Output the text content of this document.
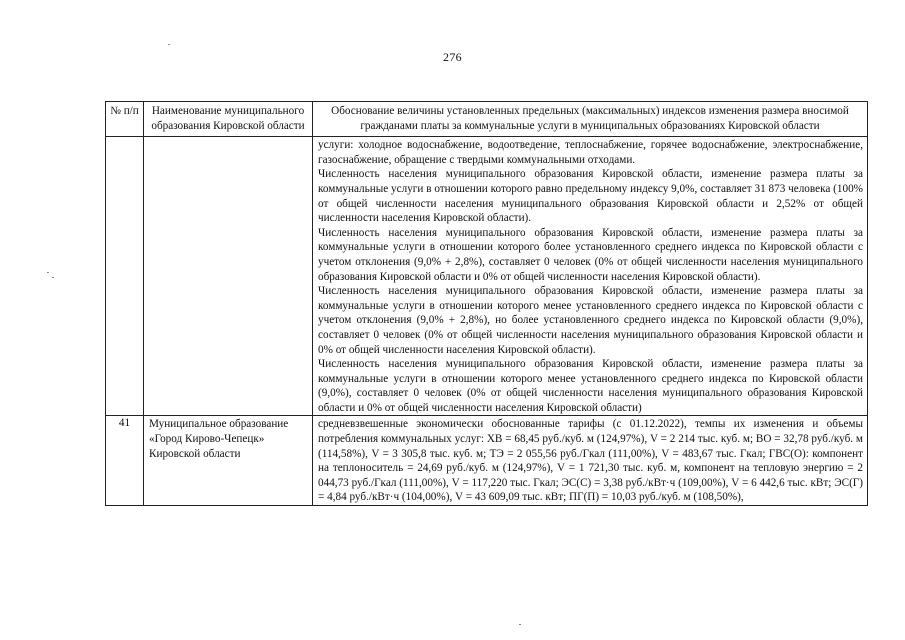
276
№ п/п	Наименование муниципального образования Кировской области	Обоснование величины установленных предельных (максимальных) индексов изменения размера вносимой гражданами платы за коммунальные услуги в муниципальных образованиях Кировской области

		услуги: холодное водоснабжение, водоотведение, теплоснабжение, горячее водоснабжение, электроснабжение, газоснабжение, обращение с твердыми коммунальными отходами.

Численность населения муниципального образования Кировской области, изменение размера платы за коммунальные услуги в отношении которого равно предельному индексу 9,0%, составляет 31 873 человека (100% от общей численности населения муниципального образования Кировской области и 2,52% от общей численности населения Кировской области).

Численность населения муниципального образования Кировской области, изменение размера платы за коммунальные услуги в отношении которого более установленного среднего индекса по Кировской области с учетом отклонения (9,0% + 2,8%), составляет 0 человек (0% от общей численности населения муниципального образования Кировской области и 0% от общей численности населения Кировской области).

Численность населения муниципального образования Кировской области, изменение размера платы за коммунальные услуги в отношении которого менее установленного среднего индекса по Кировской области с учетом отклонения (9,0% + 2,8%), но более установленного среднего индекса по Кировской области (9,0%), составляет 0 человек (0% от общей численности населения муниципального образования Кировской области и 0% от общей численности населения Кировской области).

Численность населения муниципального образования Кировской области, изменение размера платы за коммунальные услуги в отношении которого менее установленного среднего индекса по Кировской области (9,0%), составляет 0 человек (0% от общей численности населения муниципального образования Кировской области и 0% от общей численности населения Кировской области)

41	Муниципальное образование «Город Кирово-Чепецк» Кировской области	средневзвешенные экономически обоснованные тарифы (с 01.12.2022), темпы их изменения и объемы потребления коммунальных услуг: ХВ = 68,45 руб./куб. м (124,97%), V = 2 214 тыс. куб. м; ВО = 32,78 руб./куб. м (114,58%), V = 3 305,8 тыс. куб. м; ТЭ = 2 055,56 руб./Гкал (111,00%), V = 483,67 тыс. Гкал; ГВС(О): компонент на теплоноситель = 24,69 руб./куб. м (124,97%), V = 1 721,30 тыс. куб. м, компонент на тепловую энергию = 2 044,73 руб./Гкал (111,00%), V = 117,220 тыс. Гкал; ЭС(С) = 3,38 руб./кВт·ч (109,00%), V = 6 442,6 тыс. кВт; ЭС(Г) = 4,84 руб./кВт·ч (104,00%), V = 43 609,09 тыс. кВт; ПГ(П) = 10,03 руб./куб. м (108,50%),
